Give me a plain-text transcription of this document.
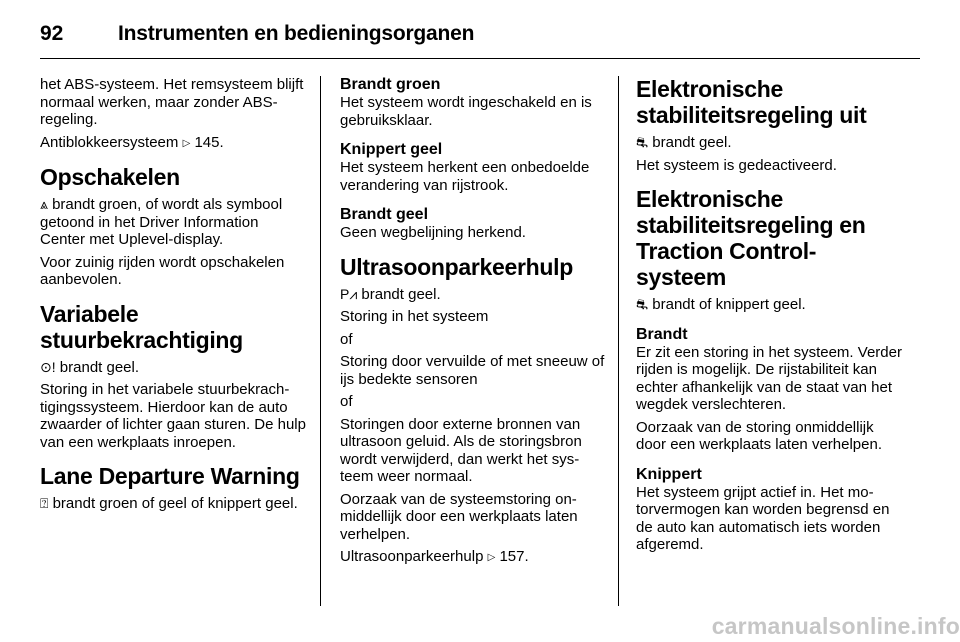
92	Instrumenten en bedieningsorganen

het ABS-systeem. Het remsysteem blijft normaal werken, maar zonder ABS-regeling.

Antiblokkeersysteem ▷ 145.

Opschakelen

⩓ brandt groen, of wordt als symbool getoond in het Driver Information Center met Uplevel-display.

Voor zuinig rijden wordt opschakelen aanbevolen.

Variabele stuurbekrachtiging

⊙! brandt geel.

Storing in het variabele stuurbekrachtigingssysteem. Hierdoor kan de auto zwaarder of lichter gaan sturen. De hulp van een werkplaats inroepen.

Lane Departure Warning

⍰ brandt groen of geel of knippert geel.

Brandt groen

Het systeem wordt ingeschakeld en is gebruiksklaar.

Knippert geel

Het systeem herkent een onbedoelde verandering van rijstrook.

Brandt geel

Geen wegbelijning herkend.

Ultrasoonparkeerhulp

P⩘ brandt geel.

Storing in het systeem

of

Storing door vervuilde of met sneeuw of ijs bedekte sensoren

of

Storingen door externe bronnen van ultrasoon geluid. Als de storingsbron wordt verwijderd, dan werkt het systeem weer normaal.

Oorzaak van de systeemstoring onmiddellijk door een werkplaats laten verhelpen.

Ultrasoonparkeerhulp ▷ 157.

Elektronische stabiliteitsregeling uit

⛐ brandt geel.

Het systeem is gedeactiveerd.

Elektronische stabiliteitsregeling en Traction Control-systeem

⛐ brandt of knippert geel.

Brandt

Er zit een storing in het systeem. Verder rijden is mogelijk. De rijstabiliteit kan echter afhankelijk van de staat van het wegdek verslechteren.

Oorzaak van de storing onmiddellijk door een werkplaats laten verhelpen.

Knippert

Het systeem grijpt actief in. Het motorvermogen kan worden begrensd en de auto kan automatisch iets worden afgeremd.

carmanualsonline.info
